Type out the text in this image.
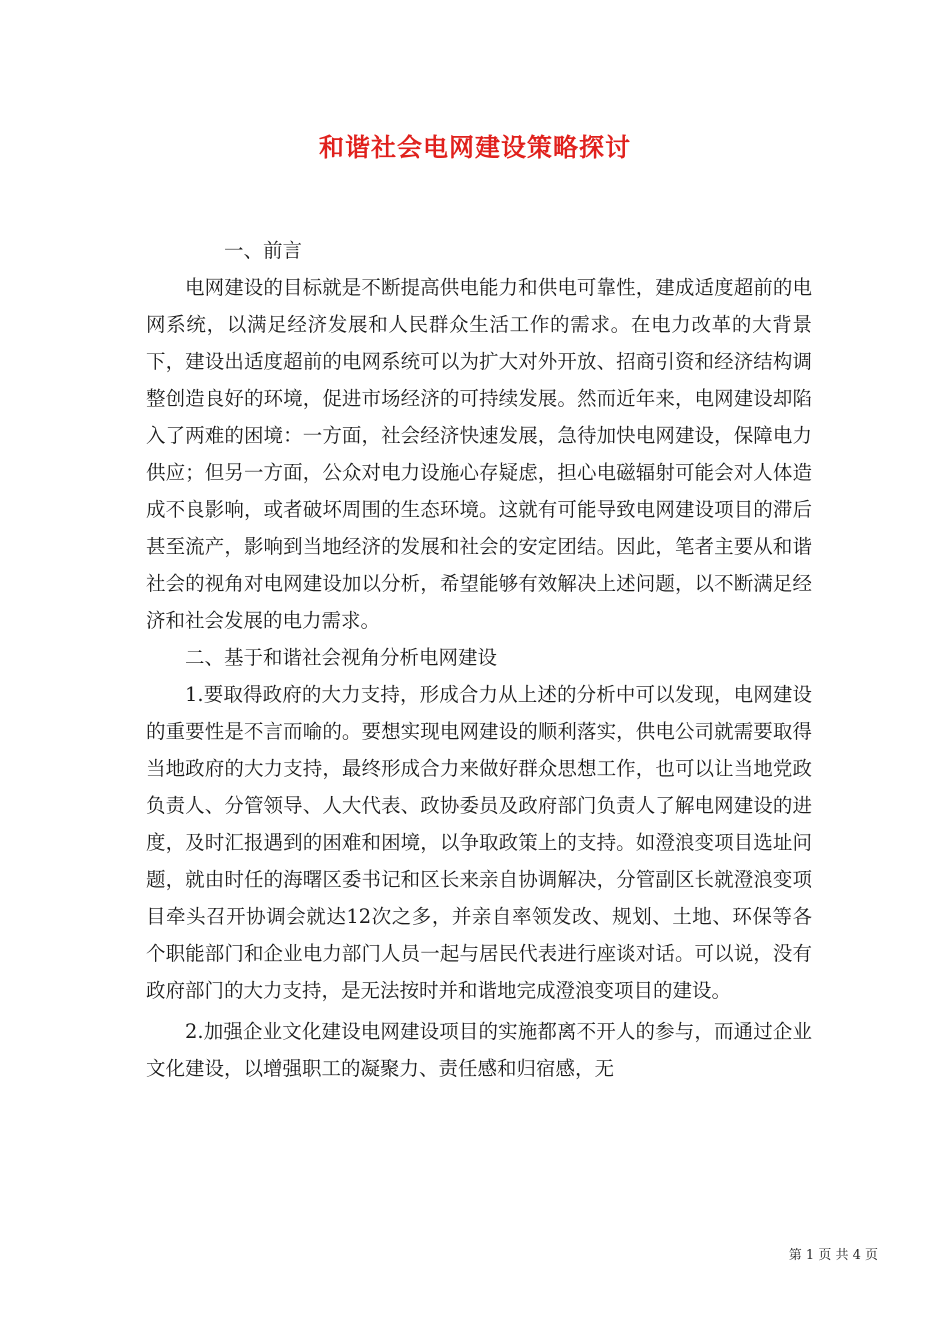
和谐社会电网建设策略探讨

一、前言

电网建设的目标就是不断提高供电能力和供电可靠性，建成适度超前的电网系统，以满足经济发展和人民群众生活工作的需求。在电力改革的大背景下，建设出适度超前的电网系统可以为扩大对外开放、招商引资和经济结构调整创造良好的环境，促进市场经济的可持续发展。然而近年来，电网建设却陷入了两难的困境：一方面，社会经济快速发展，急待加快电网建设，保障电力供应；但另一方面，公众对电力设施心存疑虑，担心电磁辐射可能会对人体造成不良影响，或者破坏周围的生态环境。这就有可能导致电网建设项目的滞后甚至流产，影响到当地经济的发展和社会的安定团结。因此，笔者主要从和谐社会的视角对电网建设加以分析，希望能够有效解决上述问题，以不断满足经济和社会发展的电力需求。

二、基于和谐社会视角分析电网建设

1.要取得政府的大力支持，形成合力从上述的分析中可以发现，电网建设的重要性是不言而喻的。要想实现电网建设的顺利落实，供电公司就需要取得当地政府的大力支持，最终形成合力来做好群众思想工作，也可以让当地党政负责人、分管领导、人大代表、政协委员及政府部门负责人了解电网建设的进度，及时汇报遇到的困难和困境，以争取政策上的支持。如澄浪变项目选址问题，就由时任的海曙区委书记和区长来亲自协调解决，分管副区长就澄浪变项目牵头召开协调会就达12次之多，并亲自率领发改、规划、土地、环保等各个职能部门和企业电力部门人员一起与居民代表进行座谈对话。可以说，没有政府部门的大力支持，是无法按时并和谐地完成澄浪变项目的建设。

2.加强企业文化建设电网建设项目的实施都离不开人的参与，而通过企业文化建设，以增强职工的凝聚力、责任感和归宿感，无

第 1 页 共 4 页
